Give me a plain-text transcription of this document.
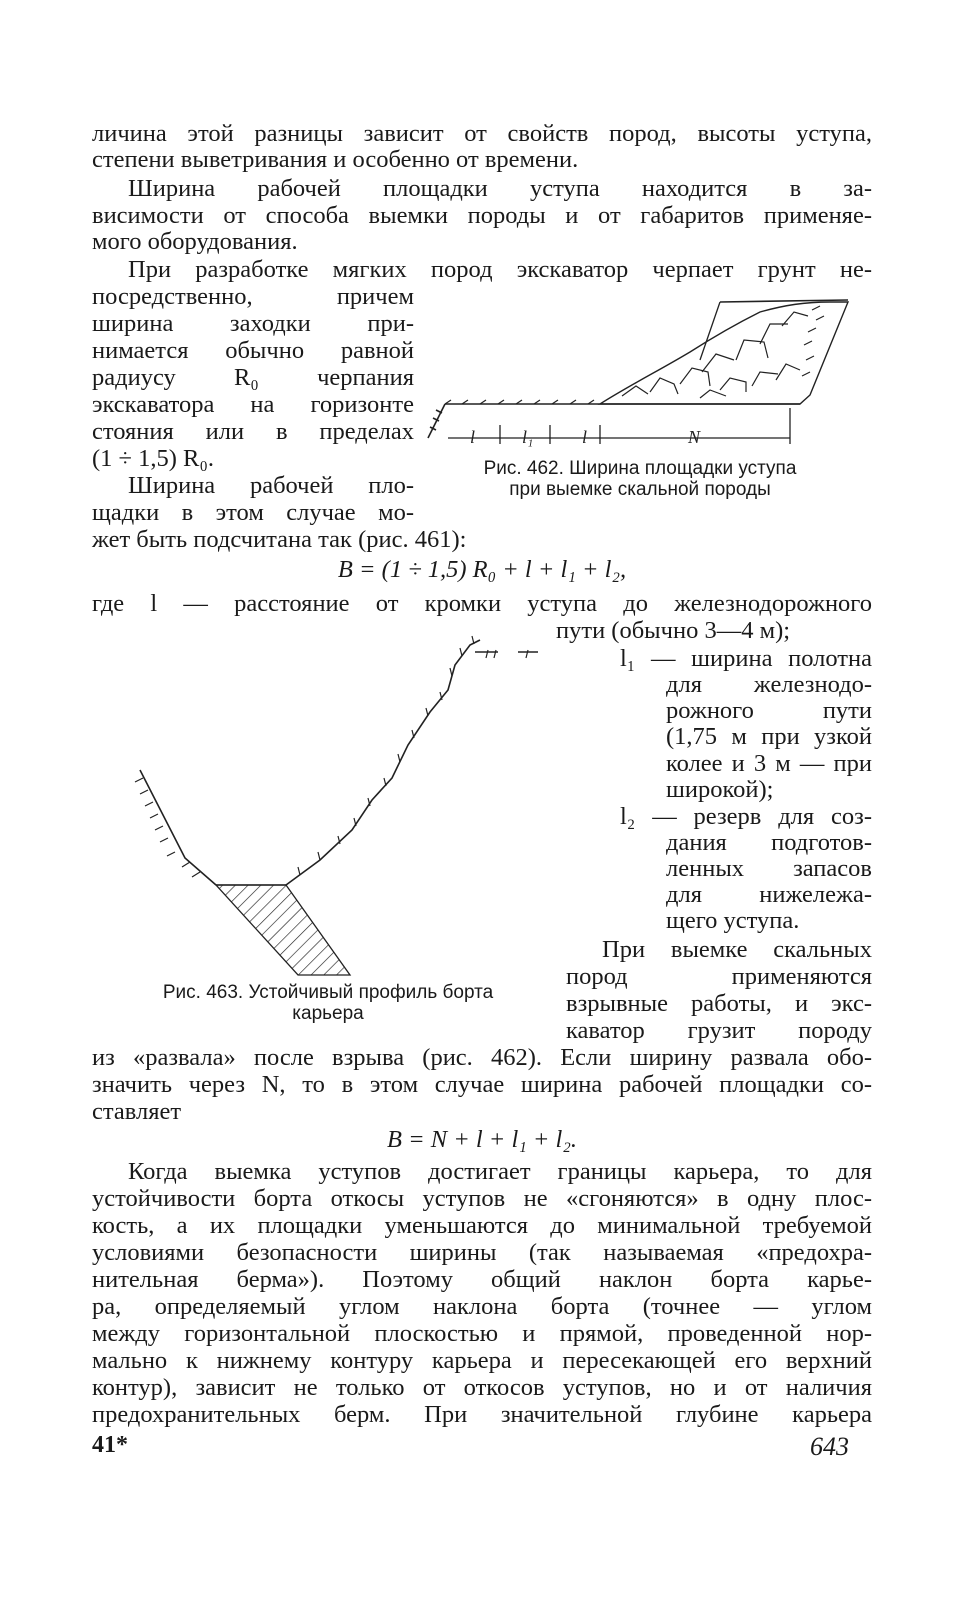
личина этой разницы зависит от свойств пород, высоты уступа,
степени выветривания и особенно от времени.
Ширина рабочей площадки уступа находится в за-
висимости от способа выемки породы и от габаритов применяе-
мого оборудования.
При разработке мягких пород экскаватор черпает грунт не-
посредственно, причем
ширина заходки при-
нимается обычно равной
радиусу R₀ черпания
экскаватора на горизонте
стояния или в пределах
(1 ÷ 1,5) R₀.
Ширина рабочей пло-
щадки в этом случае мо-
жет быть подсчитана так (рис. 461):
B = (1 ÷ 1,5) R₀ + l + l₁ + l₂,
где l — расстояние от кромки уступа до железнодорожного
пути (обычно 3—4 м);
l₁ — ширина полотна
для железнодо-
рожного пути
(1,75 м при узкой
колее и 3 м — при
широкой);
l₂ — резерв для соз-
дания подготов-
ленных запасов
для нижележа-
щего уступа.
При выемке скальных
пород применяются
взрывные работы, и экс-
каватор грузит породу
из «развала» после взрыва (рис. 462). Если ширину развала обо-
значить через N, то в этом случае ширина рабочей площадки со-
ставляет
B = N + l + l₁ + l₂.
Когда выемка уступов достигает границы карьера, то для
устойчивости борта откосы уступов не «сгоняются» в одну плос-
кость, а их площадки уменьшаются до минимальной требуемой
условиями безопасности ширины (так называемая «предохра-
нительная берма»). Поэтому общий наклон борта карье-
ра, определяемый углом наклона борта (точнее — углом
между горизонтальной плоскостью и прямой, проведенной нор-
мально к нижнему контуру карьера и пересекающей его верхний
контур), зависит не только от откосов уступов, но и от наличия
предохранительных берм. При значительной глубине карьера
Рис. 462. Ширина площадки уступа
при выемке скальной породы
Рис. 463. Устойчивый профиль борта
карьера
l	l₁	l	N
41*	643
